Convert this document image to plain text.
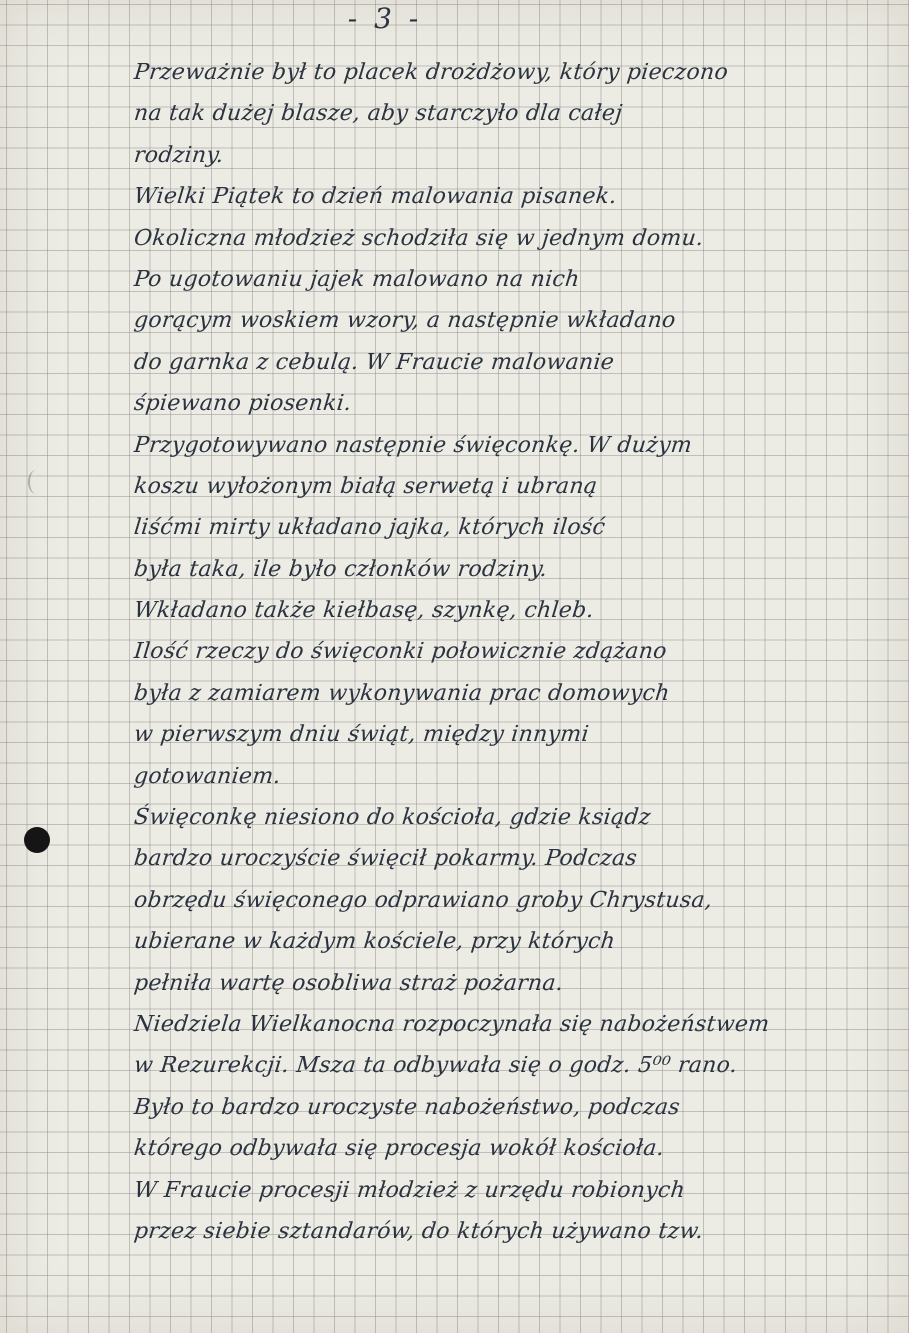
- 3 -
Przeważnie był to placek drożdżowy, który pieczono
na tak dużej blasze, aby starczyło dla całej
rodziny.
Wielki Piątek to dzień malowania pisanek.
Okoliczna młodzież schodziła się w jednym domu.
Po ugotowaniu jajek malowano na nich
gorącym woskiem wzory, a następnie wkładano
do garnka z cebulą. W Fraucie malowanie
śpiewano piosenki.
Przygotowywano następnie święconkę. W dużym
koszu wyłożonym białą serwetą i ubraną
liśćmi mirty układano jajka, których ilość
była taka, ile było członków rodziny.
Wkładano także kiełbasę, szynkę, chleb.
Ilość rzeczy do święconki połowicznie zdążano
była z zamiarem wykonywania prac domowych
w pierwszym dniu świąt, między innymi
gotowaniem.
Święconkę niesiono do kościoła, gdzie ksiądz
bardzo uroczyście święcił pokarmy. Podczas
obrzędu święconego odprawiano groby Chrystusa,
ubierane w każdym kościele, przy których
pełniła wartę osobliwa straż pożarna.
Niedziela Wielkanocna rozpoczynała się nabożeństwem
w Rezurekcji. Msza ta odbywała się o godz. 5⁰⁰ rano.
Było to bardzo uroczyste nabożeństwo, podczas
którego odbywała się procesja wokół kościoła.
W Fraucie procesji młodzież z urzędu robionych
przez siebie sztandarów, do których używano tzw.
